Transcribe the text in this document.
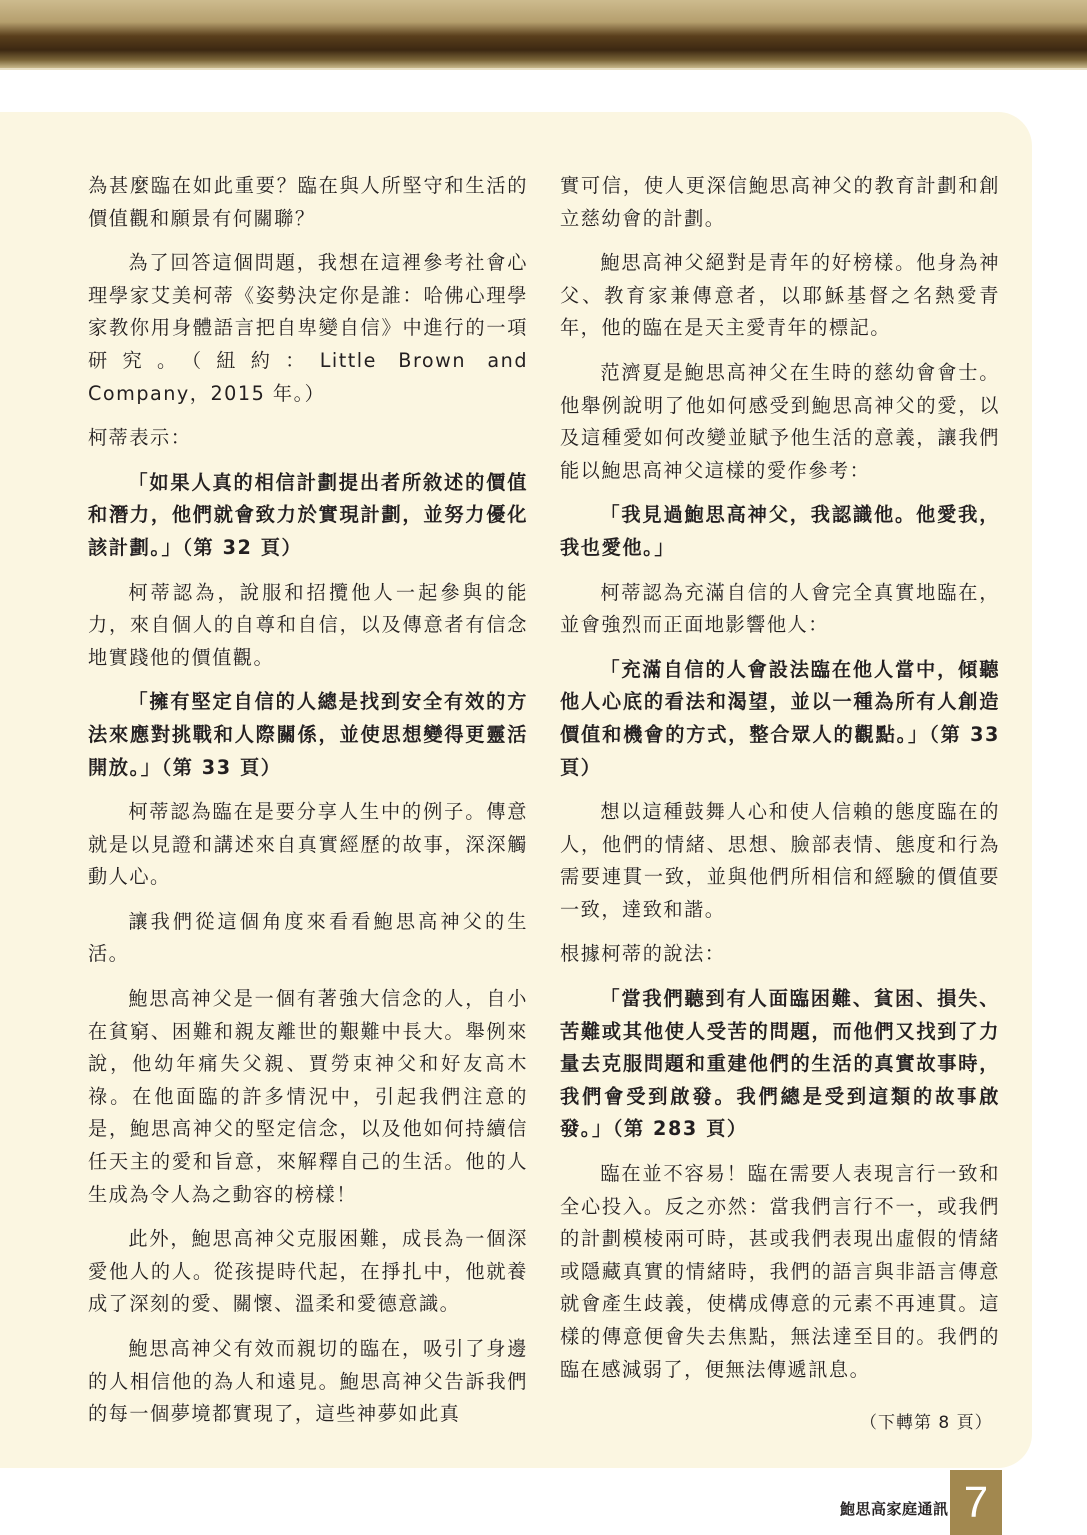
為甚麼臨在如此重要？臨在與人所堅守和生活的價值觀和願景有何關聯？

為了回答這個問題，我想在這裡參考社會心理學家艾美柯蒂《姿勢決定你是誰：哈佛心理學家教你用身體語言把自卑變自信》中進行的一項研究。（紐約：Little Brown and Company，2015 年。）

柯蒂表示：

「如果人真的相信計劃提出者所敘述的價值和潛力，他們就會致力於實現計劃，並努力優化該計劃。」（第 32 頁）

柯蒂認為，說服和招攬他人一起參與的能力，來自個人的自尊和自信，以及傳意者有信念地實踐他的價值觀。

「擁有堅定自信的人總是找到安全有效的方法來應對挑戰和人際關係，並使思想變得更靈活開放。」（第 33 頁）

柯蒂認為臨在是要分享人生中的例子。傳意就是以見證和講述來自真實經歷的故事，深深觸動人心。

讓我們從這個角度來看看鮑思高神父的生活。

鮑思高神父是一個有著強大信念的人，自小在貧窮、困難和親友離世的艱難中長大。舉例來說，他幼年痛失父親、賈勞束神父和好友高木祿。在他面臨的許多情況中，引起我們注意的是，鮑思高神父的堅定信念，以及他如何持續信任天主的愛和旨意，來解釋自己的生活。他的人生成為令人為之動容的榜樣！

此外，鮑思高神父克服困難，成長為一個深愛他人的人。從孩提時代起，在掙扎中，他就養成了深刻的愛、關懷、溫柔和愛德意識。

鮑思高神父有效而親切的臨在，吸引了身邊的人相信他的為人和遠見。鮑思高神父告訴我們的每一個夢境都實現了，這些神夢如此真

實可信，使人更深信鮑思高神父的教育計劃和創立慈幼會的計劃。

鮑思高神父絕對是青年的好榜樣。他身為神父、教育家兼傳意者，以耶穌基督之名熱愛青年，他的臨在是天主愛青年的標記。

范濟夏是鮑思高神父在生時的慈幼會會士。他舉例說明了他如何感受到鮑思高神父的愛，以及這種愛如何改變並賦予他生活的意義，讓我們能以鮑思高神父這樣的愛作參考：

「我見過鮑思高神父，我認識他。他愛我，我也愛他。」

柯蒂認為充滿自信的人會完全真實地臨在，並會強烈而正面地影響他人：

「充滿自信的人會設法臨在他人當中，傾聽他人心底的看法和渴望，並以一種為所有人創造價值和機會的方式，整合眾人的觀點。」（第 33 頁）

想以這種鼓舞人心和使人信賴的態度臨在的人，他們的情緒、思想、臉部表情、態度和行為需要連貫一致，並與他們所相信和經驗的價值要一致，達致和諧。

根據柯蒂的說法：

「當我們聽到有人面臨困難、貧困、損失、苦難或其他使人受苦的問題，而他們又找到了力量去克服問題和重建他們的生活的真實故事時，我們會受到啟發。我們總是受到這類的故事啟發。」（第 283 頁）

臨在並不容易！臨在需要人表現言行一致和全心投入。反之亦然：當我們言行不一，或我們的計劃模棱兩可時，甚或我們表現出虛假的情緒或隱藏真實的情緒時，我們的語言與非語言傳意就會產生歧義，使構成傳意的元素不再連貫。這樣的傳意便會失去焦點，無法達至目的。我們的臨在感減弱了，便無法傳遞訊息。

（下轉第 8 頁）
鮑思高家庭通訊 7
